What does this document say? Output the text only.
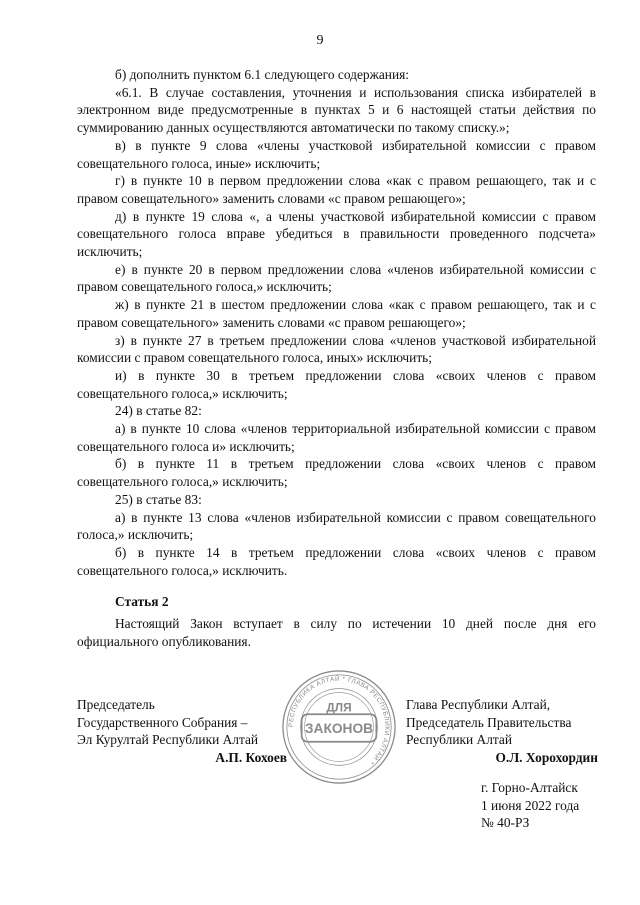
9

б) дополнить пунктом 6.1 следующего содержания:

«6.1. В случае составления, уточнения и использования списка избирателей в электронном виде предусмотренные в пунктах 5 и 6 настоящей статьи действия по суммированию данных осуществляются автоматически по такому списку.»;

в) в пункте 9 слова «члены участковой избирательной комиссии с правом совещательного голоса, иные» исключить;

г) в пункте 10 в первом предложении слова «как с правом решающего, так и с правом совещательного» заменить словами «с правом решающего»;

д) в пункте 19 слова «, а члены участковой избирательной комиссии с правом совещательного голоса вправе убедиться в правильности проведенного подсчета» исключить;

е) в пункте 20 в первом предложении слова «членов избирательной комиссии с правом совещательного голоса,» исключить;

ж) в пункте 21 в шестом предложении слова «как с правом решающего, так и с правом совещательного» заменить словами «с правом решающего»;

з) в пункте 27 в третьем предложении слова «членов участковой избирательной комиссии с правом совещательного голоса, иных» исключить;

и) в пункте 30 в третьем предложении слова «своих членов с правом совещательного голоса,» исключить;

24) в статье 82:

а) в пункте 10 слова «членов территориальной избирательной комиссии с правом совещательного голоса и» исключить;

б) в пункте 11 в третьем предложении слова «своих членов с правом совещательного голоса,» исключить;

25) в статье 83:

а) в пункте 13 слова «членов избирательной комиссии с правом совещательного голоса,» исключить;

б) в пункте 14 в третьем предложении слова «своих членов с правом совещательного голоса,» исключить.

Статья 2

Настоящий Закон вступает в силу по истечении 10 дней после дня его официального опубликования.

Председатель
Государственного Собрания –
Эл Курултай Республики Алтай
А.П. Кохоев
РЕСПУБЛИКА АЛТАЙ * ГЛАВА РЕСПУБЛИКИ АЛТАЙ *
ДЛЯ
ЗАКОНОВ
Глава Республики Алтай,
Председатель Правительства
Республики Алтай
О.Л. Хорохордин
г. Горно-Алтайск
1 июня 2022 года
№ 40-РЗ
